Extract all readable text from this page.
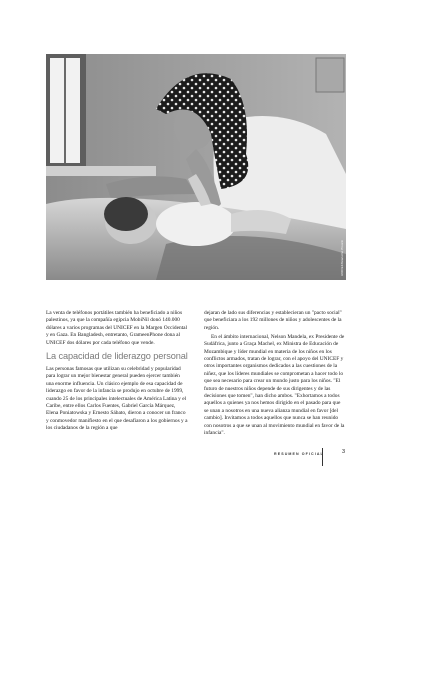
UNICEF/Giacomo Pirozzi

La venta de teléfonos portátiles también ha beneficiado a niños palestinos, ya que la compañía egipcia MobiNil donó 140.000 dólares a varios programas del UNICEF en la Margen Occidental y en Gaza. En Bangladesh, entretanto, GrameenPhone dona al UNICEF dos dólares por cada teléfono que vende.

La capacidad de liderazgo personal

Las personas famosas que utilizan su celebridad y popularidad para lograr un mejor bienestar general pueden ejercer también una enorme influencia. Un clásico ejemplo de esa capacidad de liderazgo en favor de la infancia se produjo en octubre de 1999, cuando 25 de los principales intelectuales de América Latina y el Caribe, entre ellos Carlos Fuentes, Gabriel García Márquez, Elena Poniatowska y Ernesto Sábato, dieron a conocer un franco y conmovedor manifiesto en el que desafiaron a los gobiernos y a los ciudadanos de la región a que

dejaran de lado sus diferencias y establecieran un "pacto social" que beneficiara a los 192 millones de niños y adolescentes de la región.

En el ámbito internacional, Nelson Mandela, ex Presidente de Sudáfrica, junto a Graça Machel, ex Ministra de Educación de Mozambique y líder mundial en materia de los niños en los conflictos armados, tratan de lograr, con el apoyo del UNICEF y otros importantes organismos dedicados a las cuestiones de la niñez, que los líderes mundiales se comprometan a hacer todo lo que sea necesario para crear un mundo justo para los niños. "El futuro de nuestros niños depende de sus dirigentes y de las decisiones que tomen", han dicho ambos. "Exhortamos a todos aquellos a quienes ya nos hemos dirigido en el pasado para que se unan a nosotros en una nueva alianza mundial en favor [del cambio]. Invitamos a todos aquellos que nunca se han reunido con nosotros a que se unan al movimiento mundial en favor de la infancia".

RESUMEN OFICIAL	3
